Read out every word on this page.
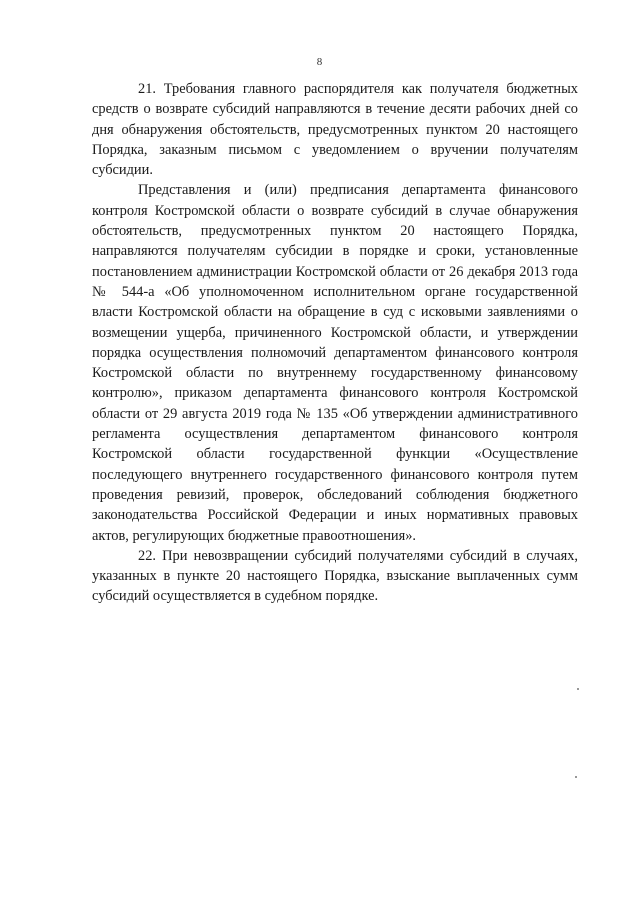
8

21. Требования главного распорядителя как получателя бюджетных средств о возврате субсидий направляются в течение десяти рабочих дней со дня обнаружения обстоятельств, предусмотренных пунктом 20 настоящего Порядка, заказным письмом с уведомлением о вручении получателям субсидии.

Представления и (или) предписания департамента финансового контроля Костромской области о возврате субсидий в случае обнаружения обстоятельств, предусмотренных пунктом 20 настоящего Порядка, направляются получателям субсидии в порядке и сроки, установленные постановлением администрации Костромской области от 26 декабря 2013 года № 544-а «Об уполномоченном исполнительном органе государственной власти Костромской области на обращение в суд с исковыми заявлениями о возмещении ущерба, причиненного Костромской области, и утверждении порядка осуществления полномочий департаментом финансового контроля Костромской области по внутреннему государственному финансовому контролю», приказом департамента финансового контроля Костромской области от 29 августа 2019 года № 135 «Об утверждении административного регламента осуществления департаментом финансового контроля Костромской области государственной функции «Осуществление последующего внутреннего государственного финансового контроля путем проведения ревизий, проверок, обследований соблюдения бюджетного законодательства Российской Федерации и иных нормативных правовых актов, регулирующих бюджетные правоотношения».

22. При невозвращении субсидий получателями субсидий в случаях, указанных в пункте 20 настоящего Порядка, взыскание выплаченных сумм субсидий осуществляется в судебном порядке.
